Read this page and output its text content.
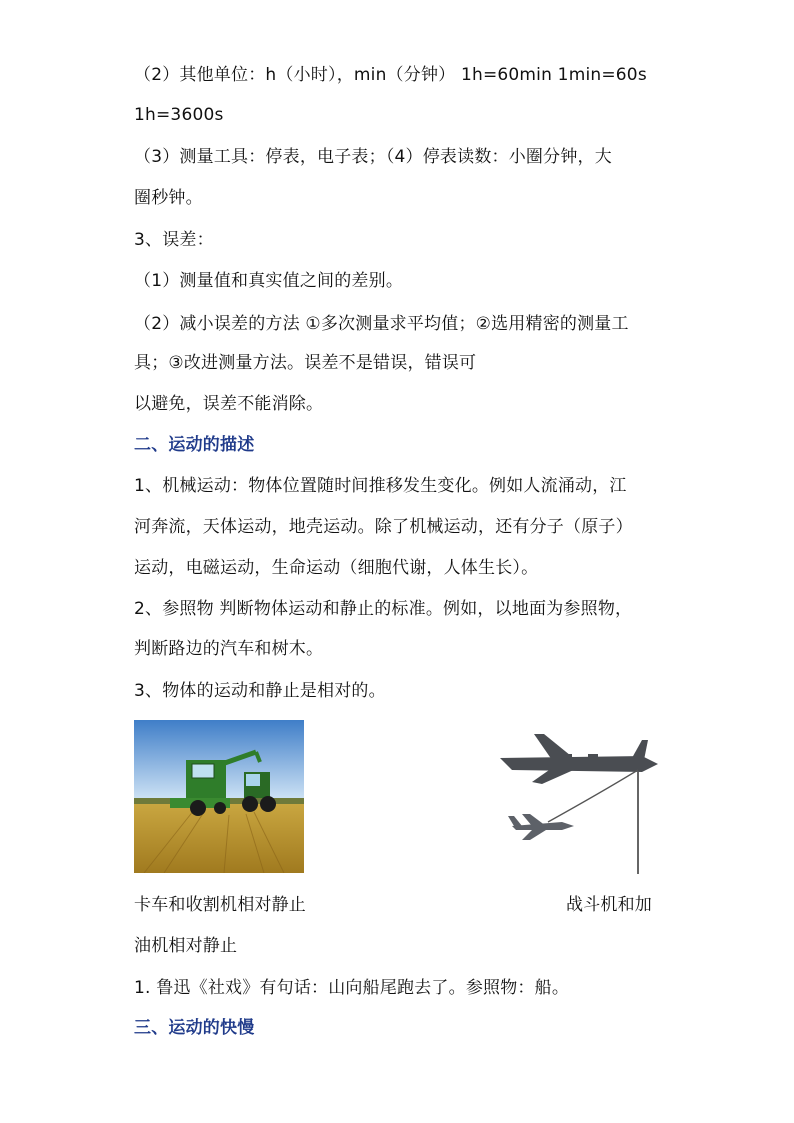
（2）其他单位：h（小时），min（分钟） 1h=60min 1min=60s
1h=3600s
（3）测量工具：停表，电子表；（4）停表读数：小圈分钟，大
圈秒钟。
3、误差：
（1）测量值和真实值之间的差别。
（2）减小误差的方法 ①多次测量求平均值；②选用精密的测量工
具；③改进测量方法。误差不是错误，错误可
以避免，误差不能消除。
二、运动的描述
1、机械运动：物体位置随时间推移发生变化。例如人流涌动，江
河奔流，天体运动，地壳运动。除了机械运动，还有分子（原子）
运动，电磁运动，生命运动（细胞代谢，人体生长）。
2、参照物 判断物体运动和静止的标准。例如，以地面为参照物，
判断路边的汽车和树木。
3、物体的运动和静止是相对的。
卡车和收割机相对静止	战斗机和加
油机相对静止
1. 鲁迅《社戏》有句话：山向船尾跑去了。参照物：船。
三、运动的快慢
